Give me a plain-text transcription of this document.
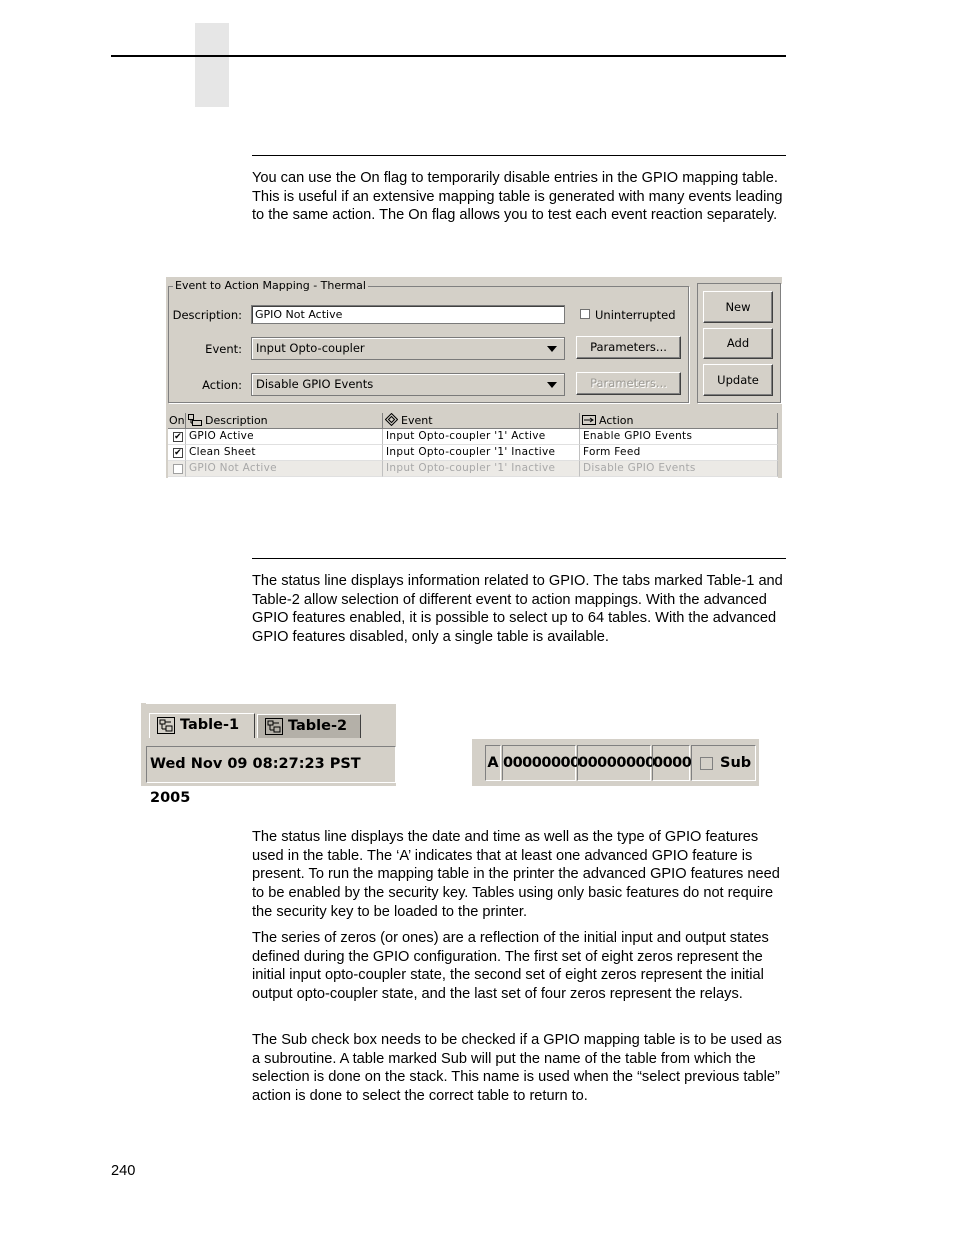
You can use the On flag to temporarily disable entries in the GPIO mapping table. This is useful if an extensive mapping table is generated with many events leading to the same action. The On flag allows you to test each event reaction separately.
Event to Action Mapping - Thermal
Description:	GPIO Not Active	Uninterrupted
Event:	Input Opto-coupler	Parameters...
Action:	Disable GPIO Events	Parameters...
New
Add
Update
On	Description	Event	Action
✔ GPIO Active	Input Opto-coupler '1' Active	Enable GPIO Events
✔ Clean Sheet	Input Opto-coupler '1' Inactive	Form Feed
GPIO Not Active	Input Opto-coupler '1' Inactive	Disable GPIO Events
The status line displays information related to GPIO. The tabs marked Table-1 and Table-2 allow selection of different event to action mappings. With the advanced GPIO features enabled, it is possible to select up to 64 tables. With the advanced GPIO features disabled, only a single table is available.
Table-1	Table-2
Wed Nov 09 08:27:23 PST 2005
A 00000000
00000000
0000 Sub
The status line displays the date and time as well as the type of GPIO features used in the table. The ‘A’ indicates that at least one advanced GPIO feature is present. To run the mapping table in the printer the advanced GPIO features need to be enabled by the security key. Tables using only basic features do not require the security key to be loaded to the printer.
The series of zeros (or ones) are a reflection of the initial input and output states defined during the GPIO configuration. The first set of eight zeros represent the initial input opto-coupler state, the second set of eight zeros represent the initial output opto-coupler state, and the last set of four zeros represent the relays.
The Sub check box needs to be checked if a GPIO mapping table is to be used as a subroutine. A table marked Sub will put the name of the table from which the selection is done on the stack. This name is used when the “select previous table” action is done to select the correct table to return to.
240
